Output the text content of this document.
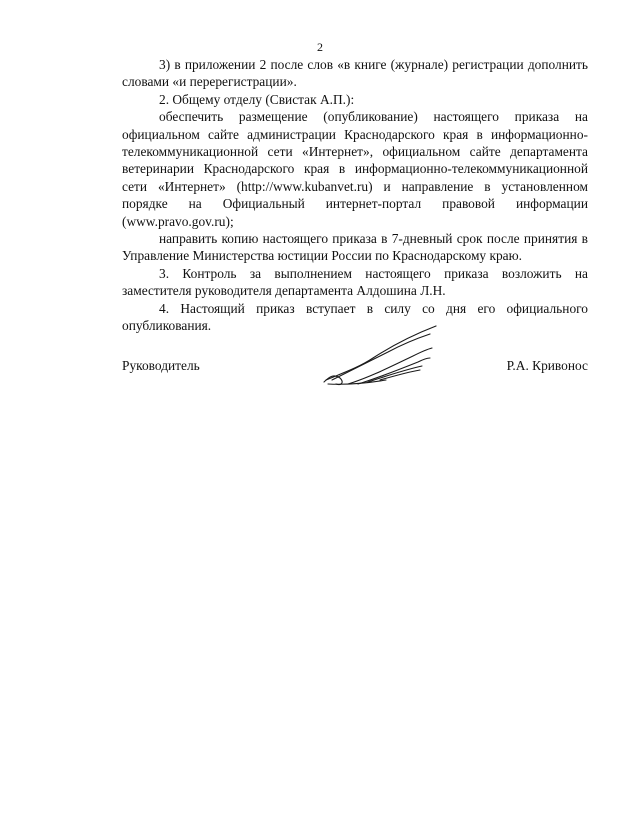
2

3) в приложении 2 после слов «в книге (журнале) регистрации дополнить словами «и перерегистрации».

2. Общему отделу (Свистак А.П.):

обеспечить размещение (опубликование) настоящего приказа на официальном сайте администрации Краснодарского края в информационно-телекоммуникационной сети «Интернет», официальном сайте департамента ветеринарии Краснодарского края в информационно-телекоммуникационной сети «Интернет» (http://www.kubanvet.ru) и направление в установленном порядке на Официальный интернет-портал правовой информации (www.pravo.gov.ru);

направить копию настоящего приказа в 7-дневный срок после принятия в Управление Министерства юстиции России по Краснодарскому краю.

3. Контроль за выполнением настоящего приказа возложить на заместителя руководителя департамента Алдошина Л.Н.

4. Настоящий приказ вступает в силу со дня его официального опубликования.

Руководитель	Р.А. Кривонос
